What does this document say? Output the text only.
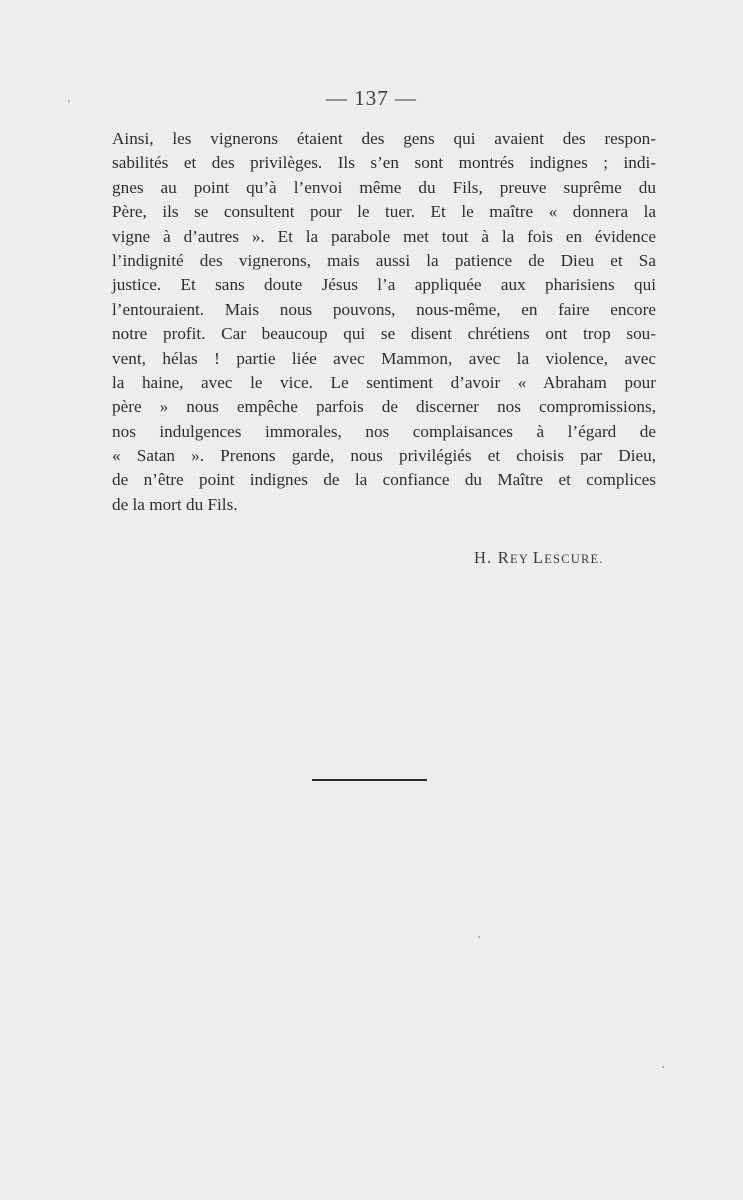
— 137 —
Ainsi, les vignerons étaient des gens qui avaient des respon-
sabilités et des privilèges. Ils s’en sont montrés indignes ; indi-
gnes au point qu’à l’envoi même du Fils, preuve suprême du
Père, ils se consultent pour le tuer. Et le maître « donnera la
vigne à d’autres ». Et la parabole met tout à la fois en évidence
l’indignité des vignerons, mais aussi la patience de Dieu et Sa
justice. Et sans doute Jésus l’a appliquée aux pharisiens qui
l’entouraient. Mais nous pouvons, nous-même, en faire encore
notre profit. Car beaucoup qui se disent chrétiens ont trop sou-
vent, hélas ! partie liée avec Mammon, avec la violence, avec
la haine, avec le vice. Le sentiment d’avoir « Abraham pour
père » nous empêche parfois de discerner nos compromissions,
nos indulgences immorales, nos complaisances à l’égard de
« Satan ». Prenons garde, nous privilégiés et choisis par Dieu,
de n’être point indignes de la confiance du Maître et complices
de la mort du Fils.
H. REY LESCURE.
